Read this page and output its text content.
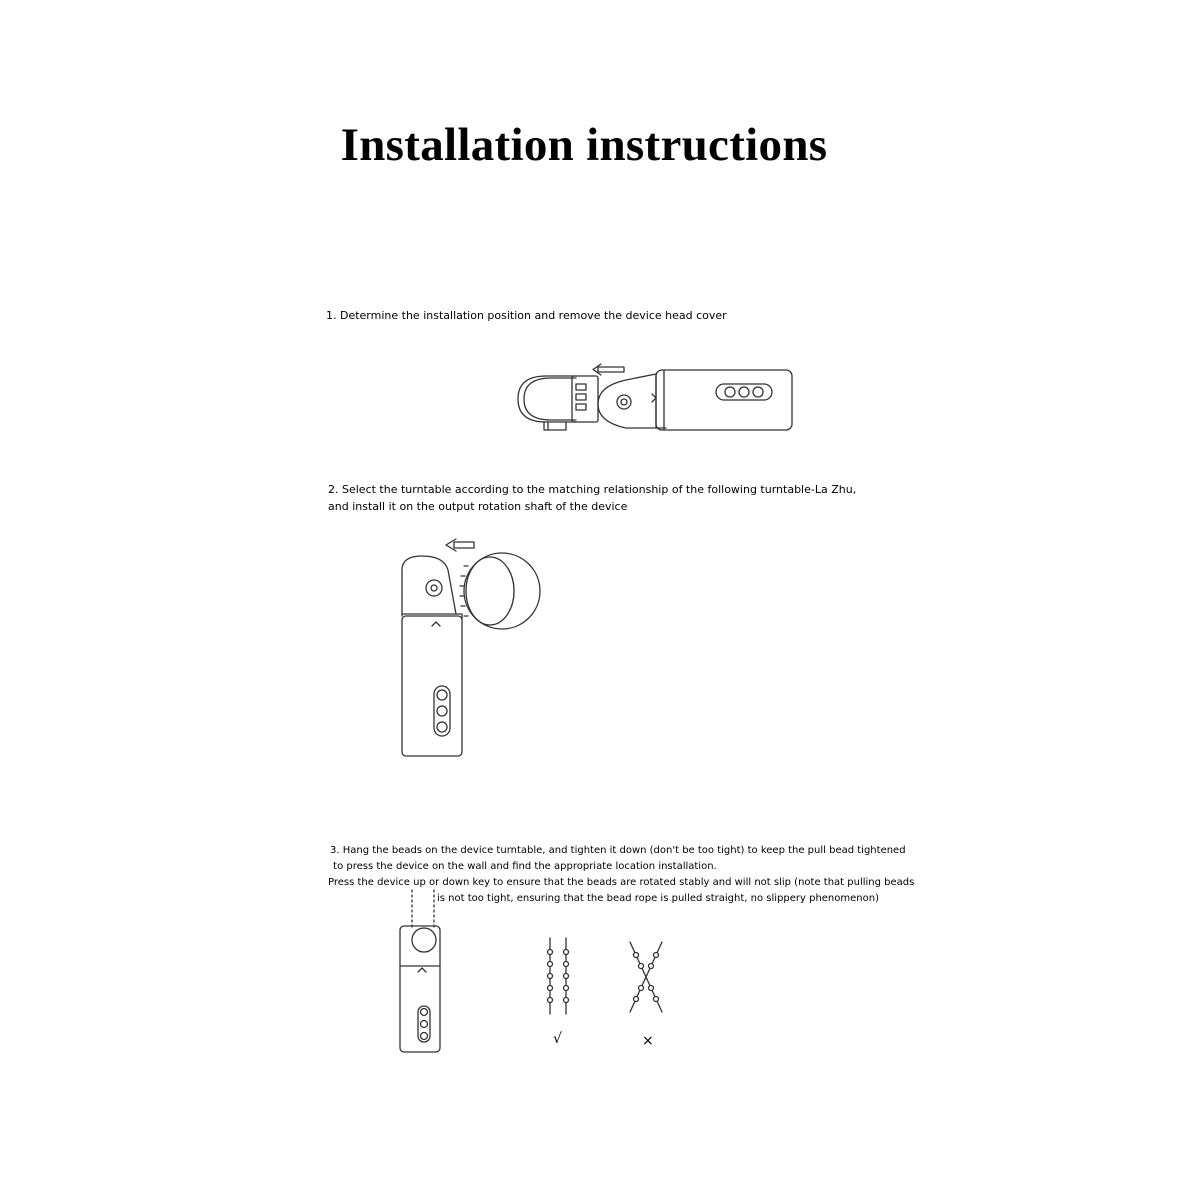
Installation instructions
1. Determine the installation position and remove the device head cover
2. Select the turntable according to the matching relationship of the following turntable-La Zhu,
and install it on the output rotation shaft of the device
3. Hang the beads on the device turntable, and tighten it down (don't be too tight) to keep the pull bead tightened
to press the device on the wall and find the appropriate location installation.
Press the device up or down key to ensure that the beads are rotated stably and will not slip (note that pulling beads
is not too tight, ensuring that the bead rope is pulled straight, no slippery phenomenon)
√	×
